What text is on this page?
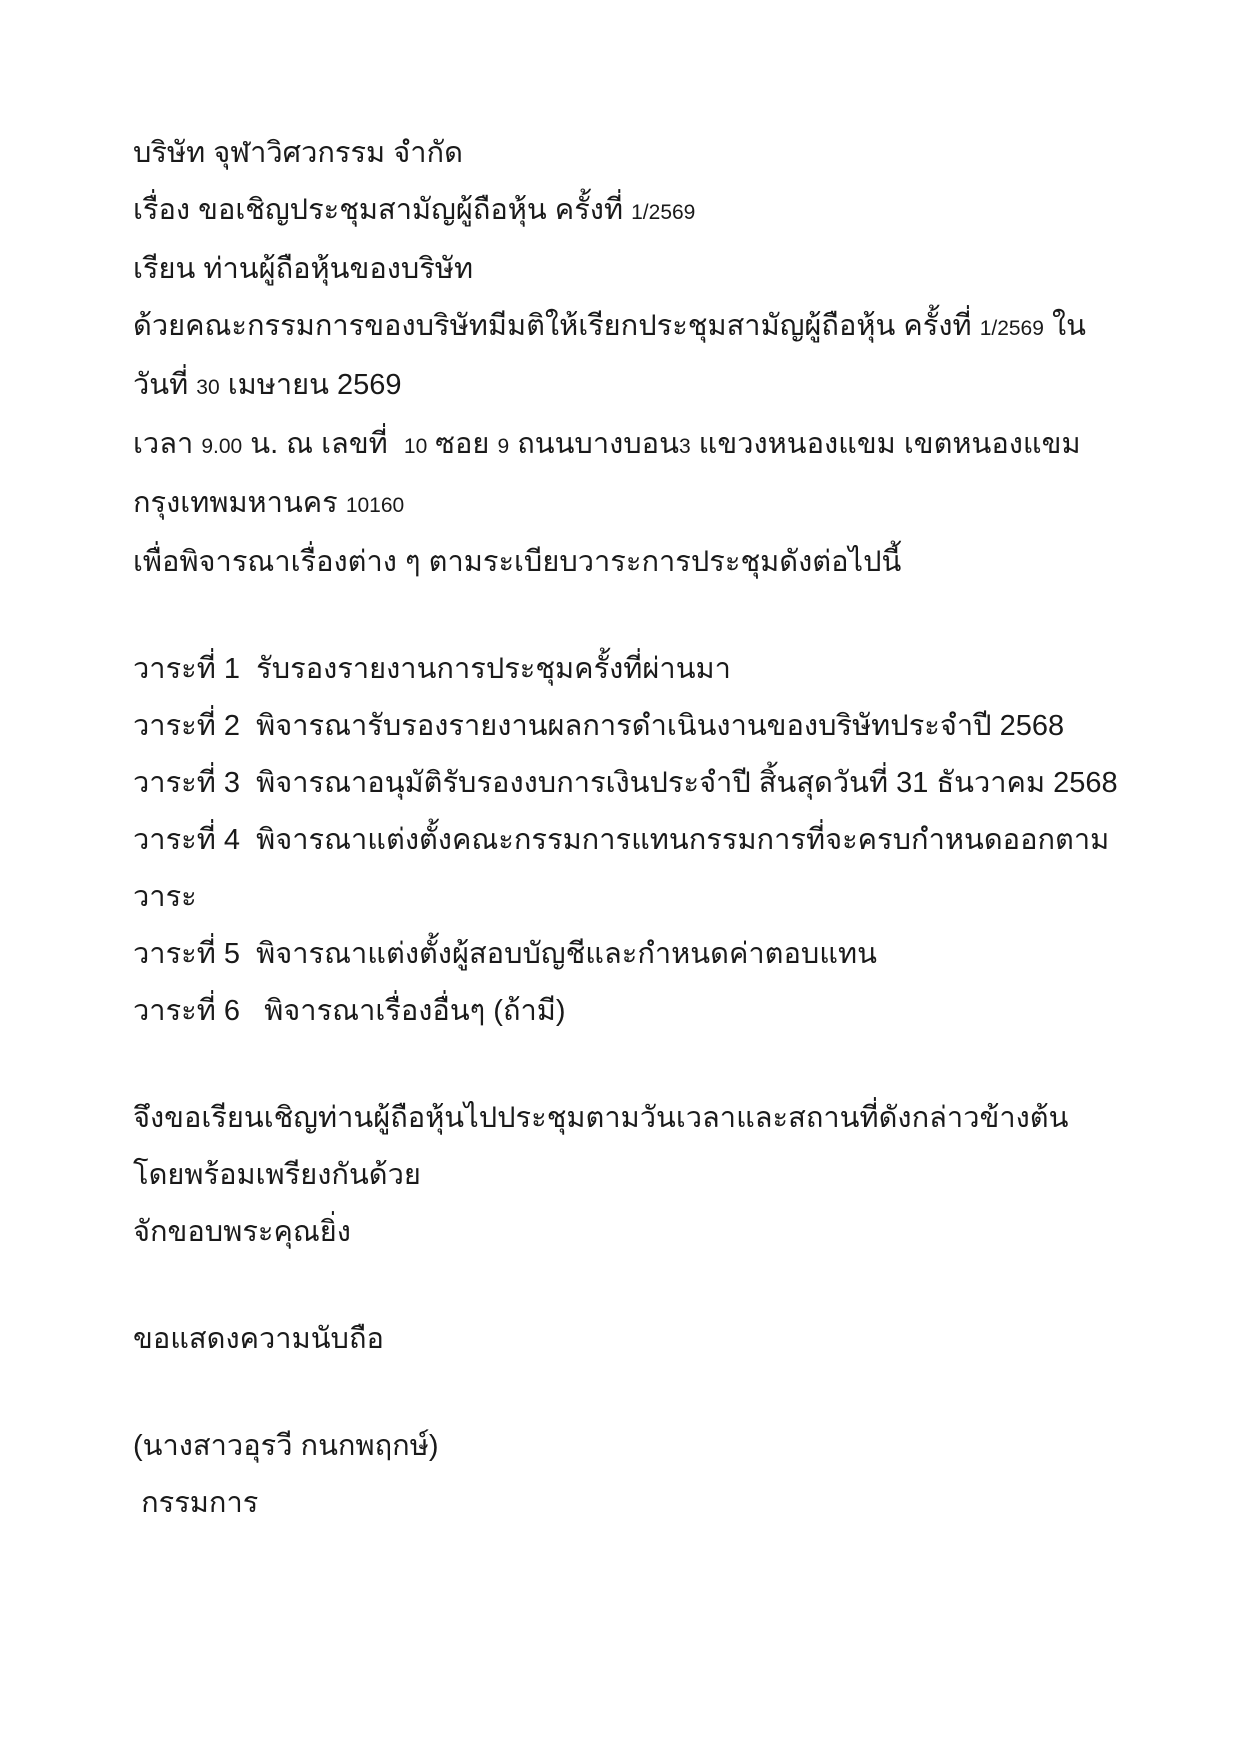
บริษัท จุฬาวิศวกรรม จำกัด

เรื่อง ขอเชิญประชุมสามัญผู้ถือหุ้น ครั้งที่ 1/2569

เรียน ท่านผู้ถือหุ้นของบริษัท

ด้วยคณะกรรมการของบริษัทมีมติให้เรียกประชุมสามัญผู้ถือหุ้น ครั้งที่ 1/2569 ในวันที่ 30 เมษายน 2569

เวลา 9.00 น. ณ เลขที่  10 ซอย 9 ถนนบางบอน3 แขวงหนองแขม เขตหนองแขม กรุงเทพมหานคร 10160

เพื่อพิจารณาเรื่องต่าง ๆ ตามระเบียบวาระการประชุมดังต่อไปนี้

วาระที่ 1  รับรองรายงานการประชุมครั้งที่ผ่านมา

วาระที่ 2  พิจารณารับรองรายงานผลการดำเนินงานของบริษัทประจำปี 2568

วาระที่ 3  พิจารณาอนุมัติรับรองงบการเงินประจำปี สิ้นสุดวันที่ 31 ธันวาคม 2568

วาระที่ 4  พิจารณาแต่งตั้งคณะกรรมการแทนกรรมการที่จะครบกำหนดออกตามวาระ

วาระที่ 5  พิจารณาแต่งตั้งผู้สอบบัญชีและกำหนดค่าตอบแทน

วาระที่ 6   พิจารณาเรื่องอื่นๆ (ถ้ามี)

จึงขอเรียนเชิญท่านผู้ถือหุ้นไปประชุมตามวันเวลาและสถานที่ดังกล่าวข้างต้น โดยพร้อมเพรียงกันด้วย

จักขอบพระคุณยิ่ง

ขอแสดงความนับถือ

(นางสาวอุรวี กนกพฤกษ์)

กรรมการ
